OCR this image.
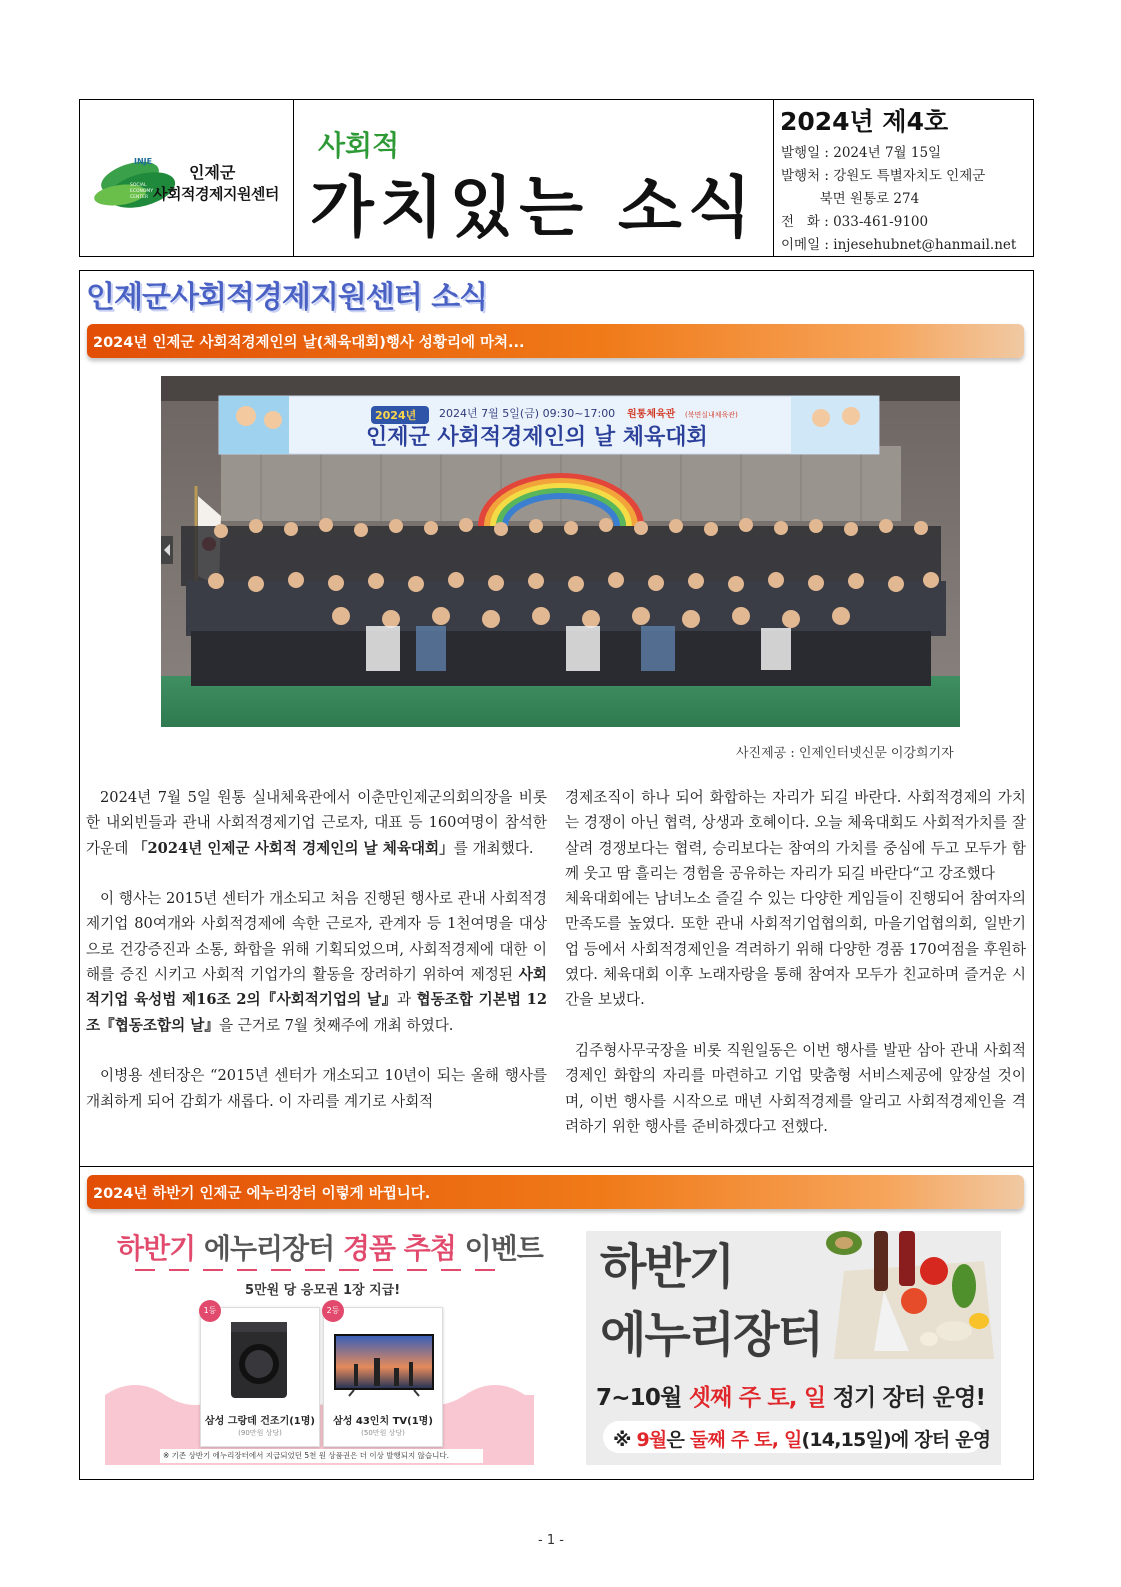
INJE
SOCIAL
ECONOMY
CENTER
인제군
사회적경제지원센터
사회적
가치있는 소식
2024년 제4호
발행일 : 2024년 7월 15일
발행처 : 강원도 특별자치도 인제군
북면 원통로 274
전   화 : 033-461-9100
이메일 : injesehubnet@hanmail.net
인제군사회적경제지원센터 소식
2024년 인제군 사회적경제인의 날(체육대회)행사 성황리에 마쳐...
2024년 2024년 7월 5일(금) 09:30~17:00 원통체육관 (북면실내체육관)
인제군 사회적경제인의 날 체육대회
사진제공 : 인제인터넷신문 이강희기자

2024년 7월 5일 원통 실내체육관에서 이춘만인제군의회의장을 비롯한 내외빈들과 관내 사회적경제기업 근로자, 대표 등 160여명이 참석한 가운데 「2024년 인제군 사회적 경제인의 날 체육대회」를 개최했다.

이 행사는 2015년 센터가 개소되고 처음 진행된 행사로 관내 사회적경제기업 80여개와 사회적경제에 속한 근로자, 관계자 등 1천여명을 대상으로 건강증진과 소통, 화합을 위해 기획되었으며, 사회적경제에 대한 이해를 증진 시키고 사회적 기업가의 활동을 장려하기 위하여 제정된 사회적기업 육성법 제16조 2의『사회적기업의 날』과 협동조합 기본법 12조『협동조합의 날』을 근거로 7월 첫째주에 개최 하였다.

이병용 센터장은 “2015년 센터가 개소되고 10년이 되는 올해 행사를 개최하게 되어 감회가 새롭다. 이 자리를 계기로 사회적

경제조직이 하나 되어 화합하는 자리가 되길 바란다. 사회적경제의 가치는 경쟁이 아닌 협력, 상생과 호혜이다. 오늘 체육대회도 사회적가치를 잘 살려 경쟁보다는 협력, 승리보다는 참여의 가치를 중심에 두고 모두가 함께 웃고 땀 흘리는 경험을 공유하는 자리가 되길 바란다“고 강조했다

체육대회에는 남녀노소 즐길 수 있는 다양한 게임들이 진행되어 참여자의 만족도를 높였다. 또한 관내 사회적기업협의회, 마을기업협의회, 일반기업 등에서 사회적경제인을 격려하기 위해 다양한 경품 170여점을 후원하였다. 체육대회 이후 노래자랑을 통해 참여자 모두가 친교하며 즐거운 시간을 보냈다.

김주형사무국장을 비롯 직원일동은 이번 행사를 발판 삼아 관내 사회적경제인 화합의 자리를 마련하고 기업 맞춤형 서비스제공에 앞장설 것이며, 이번 행사를 시작으로 매년 사회적경제를 알리고 사회적경제인을 격려하기 위한 행사를 준비하겠다고 전했다.

2024년 하반기 인제군 에누리장터 이렇게 바뀝니다.
하반기 에누리장터 경품 추첨 이벤트
5만원 당 응모권 1장 지급!
1등
삼성 그랑데 건조기(1명)
(90만원 상당)
2등
삼성 43인치 TV(1명)
(50만원 상당)
※ 기존 상반기 에누리장터에서 지급되었던 5천 원 상품권은 더 이상 발행되지 않습니다.
하반기
에누리장터
7~10월 셋째 주 토, 일 정기 장터 운영!
※ 9월은 둘째 주 토, 일(14,15일)에 장터 운영
- 1 -
